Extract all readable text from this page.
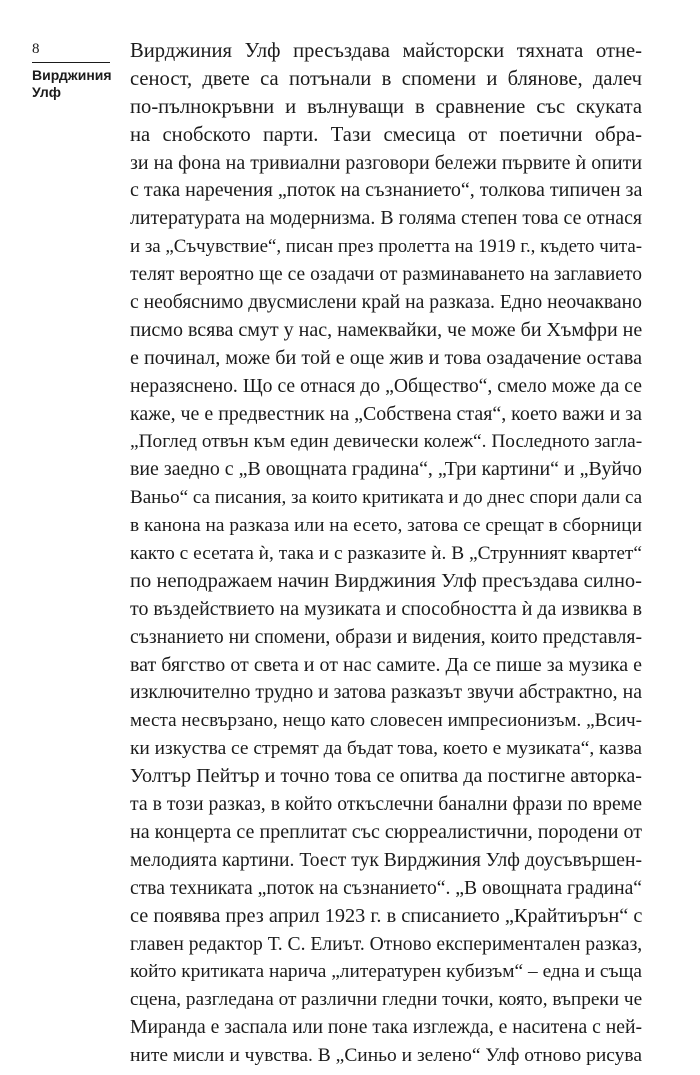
8
Вирджиния Улф
Вирджиния Улф пресъздава майсторски тяхната отне-
сеност, двете са потънали в спомени и блянове, далеч
по-пълнокръвни и вълнуващи в сравнение със скуката
на снобското парти. Тази смесица от поетични обра-
зи на фона на тривиални разговори бележи първите ѝ опити
с така наречения „поток на съзнанието“, толкова типичен за
литературата на модернизма. В голяма степен това се отнася
и за „Съчувствие“, писан през пролетта на 1919 г., където чита-
телят вероятно ще се озадачи от разминаването на заглавието
с необяснимо двусмислени край на разказа. Едно неочаквано
писмо всява смут у нас, намеквайки, че може би Хъмфри не
е починал, може би той е още жив и това озадачение остава
неразяснено. Що се отнася до „Общество“, смело може да се
каже, че е предвестник на „Собствена стая“, което важи и за
„Поглед отвън към един девически колеж“. Последното загла-
вие заедно с „В овощната градина“, „Три картини“ и „Вуйчо
Ваньо“ са писания, за които критиката и до днес спори дали са
в канона на разказа или на есето, затова се срещат в сборници
както с есетата ѝ, така и с разказите ѝ. В „Струнният квартет“
по неподражаем начин Вирджиния Улф пресъздава силно-
то въздействието на музиката и способността ѝ да извиква в
съзнанието ни спомени, образи и видения, които представля-
ват бягство от света и от нас самите. Да се пише за музика е
изключително трудно и затова разказът звучи абстрактно, на
места несвързано, нещо като словесен импресионизъм. „Всич-
ки изкуства се стремят да бъдат това, което е музиката“, казва
Уолтър Пейтър и точно това се опитва да постигне авторка-
та в този разказ, в който откъслечни банални фрази по време
на концерта се преплитат със сюрреалистични, породени от
мелодията картини. Тоест тук Вирджиния Улф доусъвършен-
ства техниката „поток на съзнанието“. „В овощната градина“
се появява през април 1923 г. в списанието „Крайтиърън“ с
главен редактор Т. С. Елиът. Отново експериментален разказ,
който критиката нарича „литературен кубизъм“ – една и съща
сцена, разгледана от различни гледни точки, която, въпреки че
Миранда е заспала или поне така изглежда, е наситена с ней-
ните мисли и чувства. В „Синьо и зелено“ Улф отново рисува
